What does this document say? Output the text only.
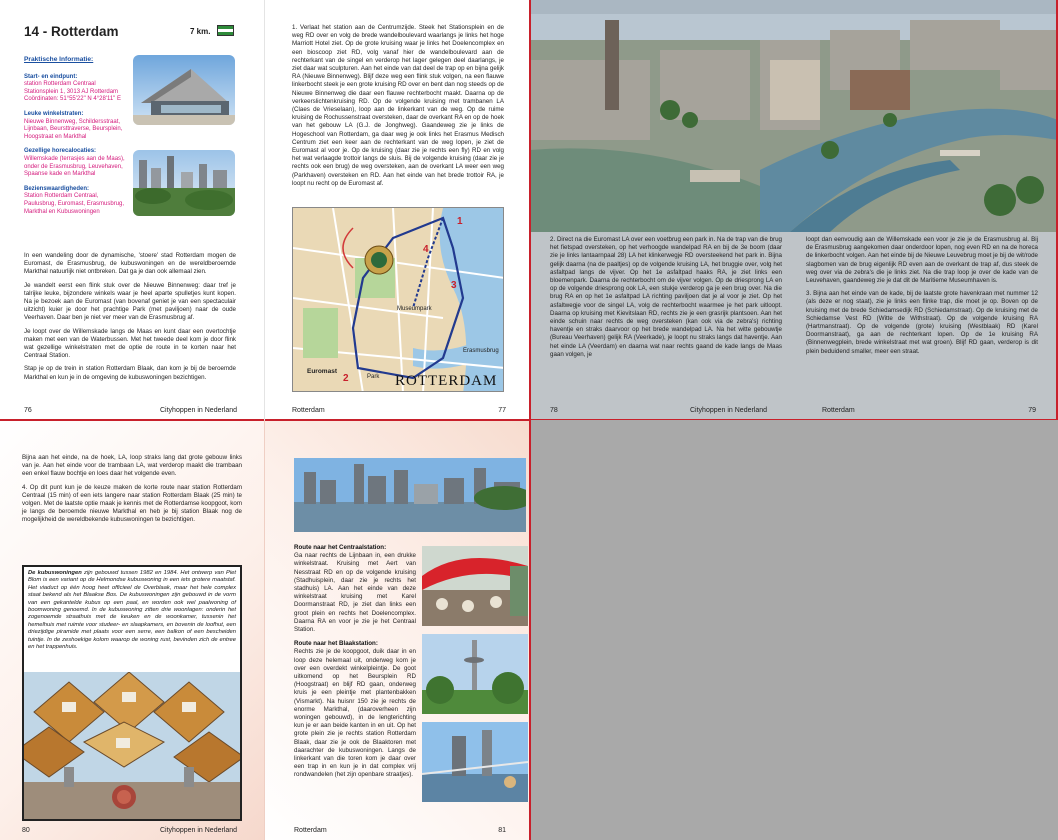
14 - Rotterdam	7 km.
Praktische Informatie:
Start- en eindpunt:
station Rotterdam Centraal
Stationsplein 1, 3013 AJ Rotterdam
Coördinaten: 51°55'22" N 4°28'11" E
Leuke winkelstraten:
Nieuwe Binnenweg, Schildersstraat,
Lijnbaan, Beursttraverse, Beursplein,
Hoogstraat en Markthal
Gezellige horecalocaties:
Willemskade (terrasjes aan de Maas),
onder de Erasmusbrug, Leuvehaven,
Spaanse kade en Markthal
Bezienswaardigheden:
Station Rotterdam Centraal,
Paulusbrug, Euromast, Erasmusbrug,
Markthal en Kubuswoningen

In een wandeling door de dynamische, 'stoere' stad Rotterdam mogen de Euromast, de Erasmusbrug, de kubuswoningen en de wereldberoemde Markthal natuurlijk niet ontbreken. Dat ga je dan ook allemaal zien.

Je wandelt eerst een flink stuk over de Nieuwe Binnenweg: daar tref je talrijke leuke, bijzondere winkels waar je heel aparte spulletjes kunt kopen. Na je bezoek aan de Euromast (van bovenaf geniet je van een spectaculair uitzicht) kuier je door het prachtige Park (met paviljoen) naar de oude Veerhaven. Daar ben je niet ver meer van de Erasmusbrug af.

Je loopt over de Willemskade langs de Maas en kunt daar een overtochtje maken met een van de Waterbussen. Met het tweede deel kom je door flink wat gezellige winkelstraten met de optie de route in te korten naar het Centraal Station.

Stap je op de trein in station Rotterdam Blaak, dan kom je bij de beroemde Markthal en kun je in de omgeving de kubuswoningen bezichtigen.

76	Cityhoppen in Nederland
1. Verlaat het station aan de Centrumzijde. Steek het Stationsplein en de weg RD over en volg de brede wandelboulevard waarlangs je links het hoge Marriott Hotel ziet. Op de grote kruising waar je links het Doelencomplex en een bioscoop ziet RD, volg vanaf hier de wandelboulevard aan de rechterkant van de singel en verderop het lager gelegen deel daarlangs, je ziet daar wat sculpturen. Aan het einde van dat deel de trap op en bijna gelijk RA (Nieuwe Binnenweg). Blijf deze weg een flink stuk volgen, na een flauwe linkerbocht steek je een grote kruising RD over en bent dan nog steeds op de Nieuwe Binnenweg die daar een flauwe rechterbocht maakt. Daarna op de verkeerslichtenkruising RD. Op de volgende kruising met trambanen LA (Claes de Vrieselaan), loop aan de linkerkant van de weg. Op de ruime kruising de Rochussenstraat oversteken, daar de overkant RA en op de hoek van het gebouw LA (G.J. de Jonghweg). Gaandeweg zie je links de Hogeschool van Rotterdam, ga daar weg je ook links het Erasmus Medisch Centrum ziet een keer aan de rechterkant van de weg lopen, je ziet de Euromast al voor je. Op de kruising (daar zie je rechts een fly) RD en volg het wat verlaagde trottoir langs de sluis. Bij de volgende kruising (daar zie je rechts ook een brug) de weg oversteken, aan de overkant LA weer een weg (Parkhaven) oversteken en RD. Aan het einde van het brede trottoir RA, je loopt nu recht op de Euromast af.
1
2
3
4
Museumpark
Erasmusbrug
Euromast
Park ROTTERDAM
Rotterdam	77
2. Direct na die Euromast LA over een voetbrug een park in. Na de trap van die brug het fietspad oversteken, op het verhoogde wandelpad RA en bij de 3e boom (daar zie je links lantaarnpaal 28) LA het klinkerwegje RD oversteekend het park in. Bijna gelijk daarna (na de paaltjes) op de volgende kruising LA, het bruggie over, volg het asfaltpad langs de vijver. Op het 1e asfaltpad haaks RA, je ziet links een bloemenpark. Daarna de rechterbocht om de vijver volgen. Op de driesprong LA en op de volgende driesprong ook LA, een stukje verderop ga je een brug over. Na die brug RA en op het 1e asfaltpad LA richting paviljoen dat je al voor je ziet. Op het asfaltwegje voor de singel LA, volg de rechterbocht waarmee je het park uitloopt. Daarna op kruising met Kievitslaan RD, rechts zie je een grasrijk plantsoen. Aan het einde schuin naar rechts de weg oversteken (kan ook via de zebra's) richting haventje en straks daarvoor op het brede wandelpad LA. Na het witte gebouwtje (Bureau Veerhaven) gelijk RA (Veerkade), je loopt nu straks langs dat haventje. Aan het einde LA (Veerdam) en daarna wat naar rechts gaand de kade langs de Maas gaan volgen, je

loopt dan eenvoudig aan de Willemskade een voor je zie je de Erasmusbrug al. Bij de Erasmusbrug aangekomen daar onderdoor lopen, nog even RD en na de horeca de linkerbocht volgen. Aan het einde bij de Nieuwe Leuvebrug moet je bij de wit/rode slagbomen van de brug eigenlijk RD even aan de overkant de trap af, dus steek de weg over via de zebra's die je links ziet. Na die trap loop je over de kade van de Leuvehaven, gaandeweg zie je dat dit de Maritieme Museumhaven is.

3. Bijna aan het einde van de kade, bij de laatste grote havenkraan met nummer 12 (als deze er nog staat), zie je links een flinke trap, die moet je op. Boven op de kruising met de brede Schiedamsedijk RD (Schiedamstraat). Op de kruising met de Schiedamse Vest RD (Witte de Withstraat). Op de volgende kruising RA (Hartmanstraat). Op de volgende (grote) kruising (Westblaak) RD (Karel Doormanstraat), ga aan de rechterkant lopen. Op de 1e kruising RA (Binnenwegplein, brede winkelstraat met wat groen). Blijf RD gaan, verderop is dit plein beduidend smaller, meer een straat.

78	Cityhoppen in Nederland	Rotterdam	79

Bijna aan het einde, na de hoek, LA, loop straks lang dat grote gebouw links van je. Aan het einde voor de trambaan LA, wat verderop maakt die trambaan een enkel flauw bochtje en loes daar het volgende even.

4. Op dit punt kun je de keuze maken de korte route naar station Rotterdam Centraal (15 min) of een iets langere naar station Rotterdam Blaak (25 min) te volgen. Met de laatste optie maak je kennis met de Rotterdamse koopgoot, kom je langs de beroemde nieuwe Markthal en heb je bij station Blaak nog de mogelijkheid de wereldbekende kubuswoningen te bezichtigen.

De kubuswoningen zijn gebouwd tussen 1982 en 1984. Het ontwerp van Piet Blom is een variant op de Helmondse kubuswoning in een iets grotere maatstaf. Het viaduct op één hoog heet officieel de Overblaak, maar het hele complex staat bekend als het Blaakse Bos. De kubuswoningen zijn gebouwd in de vorm van een gekantelde kubus op een paal, en worden ook wel paalwoning of boomwoning genoemd. In de kubuswoning zitten drie woonlagen: onderin het zogenoemde straathuis met de keuken en de woonkamer, tussenin het hemelhuis met ruimte voor studeer- en slaapkamers, en bovenin de loofhut, een driezijdige piramide met plaats voor een serre, een balkon of een bescheiden tuintje. In de zeshoekige kolom waarop de woning rust, bevinden zich de entree en het trappenhuis.
80	Cityhoppen in Nederland
Route naar het Centraalstation:

Ga naar rechts de Lijnbaan in, een drukke winkelstraat. Kruising met Aert van Nesstraat RD en op de volgende kruising (Stadhuisplein, daar zie je rechts het stadhuis) LA. Aan het einde van deze winkelstraat kruising met Karel Doormanstraat RD, je ziet dan links een groot plein en rechts het Doelencomplex. Daarna RA en voor je zie je het Centraal Station.

Route naar het Blaakstation:

Rechts zie je de koopgoot, duik daar in en loop deze helemaal uit, onderweg kom je over een overdekt winkelpleintje. De goot uitkomend op het Beursplein RD (Hoogstraat) en blijf RD gaan, onderweg kruis je een pleintje met plantenbakken (Vismarkt). Na huisnr 150 zie je rechts de enorme Markthal, (daaroverheen zijn woningen gebouwd), in de lengterichting kun je er aan beide kanten in en uit. Op het grote plein zie je rechts station Rotterdam Blaak, daar zie je ook de Blaaktoren met daarachter de kubuswoningen. Langs de linkerkant van die toren kom je daar over een trap in en kun je in dat complex vrij rondwandelen (het zijn openbare straatjes).

Rotterdam	81
